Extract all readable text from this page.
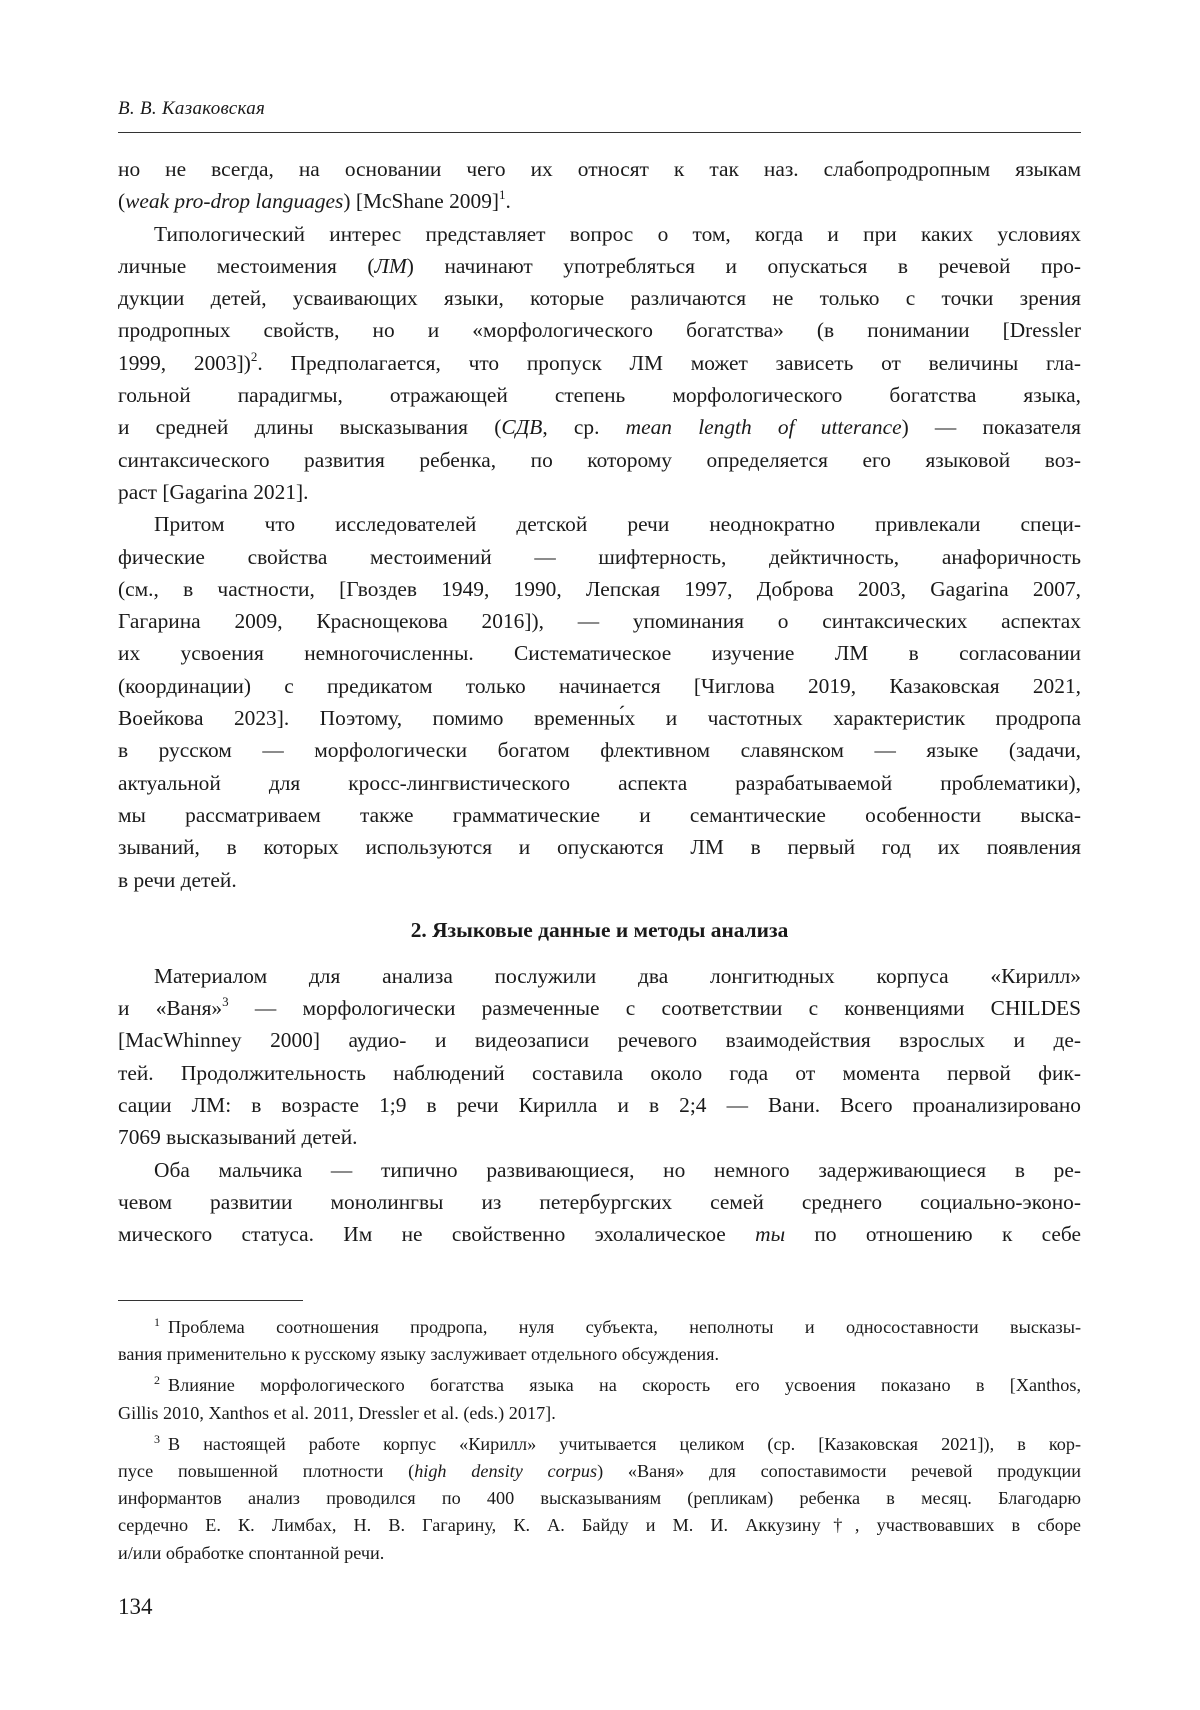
В. В. Казаковская

но не всегда, на основании чего их относят к так наз. слабопродропным языкам
(weak pro-drop languages) [McShane 2009]$^1$.

Типологический интерес представляет вопрос о том, когда и при каких условиях
личные местоимения (ЛМ) начинают употребляться и опускаться в речевой про-
дукции детей, усваивающих языки, которые различаются не только с точки зрения
продропных свойств, но и «морфологического богатства» (в понимании [Dressler
1999, 2003])$^2$. Предполагается, что пропуск ЛМ может зависеть от величины гла-
гольной парадигмы, отражающей степень морфологического богатства языка,
и средней длины высказывания (СДВ, ср. mean length of utterance) — показателя
синтаксического развития ребенка, по которому определяется его языковой воз-
раст [Gagarina 2021].

Притом что исследователей детской речи неоднократно привлекали специ-
фические свойства местоимений — шифтерность, дейктичность, анафоричность
(см., в частности, [Гвоздев 1949, 1990, Лепская 1997, Доброва 2003, Gagarina 2007,
Гагарина 2009, Краснощекова 2016]), — упоминания о синтаксических аспектах
их усвоения немногочисленны. Систематическое изучение ЛМ в согласовании
(координации) с предикатом только начинается [Чиглова 2019, Казаковская 2021,
Воейкова 2023]. Поэтому, помимо временны́х и частотных характеристик продропа
в русском — морфологически богатом флективном славянском — языке (задачи,
актуальной для кросс-лингвистического аспекта разрабатываемой проблематики),
мы рассматриваем также грамматические и семантические особенности выска-
зываний, в которых используются и опускаются ЛМ в первый год их появления
в речи детей.

2. Языковые данные и методы анализа

Материалом для анализа послужили два лонгитюдных корпуса «Кирилл»
и «Ваня»$^3$ — морфологически размеченные с соответствии с конвенциями CHILDES
[MacWhinney 2000] аудио- и видеозаписи речевого взаимодействия взрослых и де-
тей. Продолжительность наблюдений составила около года от момента первой фик-
сации ЛМ: в возрасте 1;9 в речи Кирилла и в 2;4 — Вани. Всего проанализировано
7069 высказываний детей.

Оба мальчика — типично развивающиеся, но немного задерживающиеся в ре-
чевом развитии монолингвы из петербургских семей среднего социально-эконо-
мического статуса. Им не свойственно эхолалическое ты по отношению к себе

$^1$ Проблема соотношения продропа, нуля субъекта, неполноты и односоставности высказы-
вания применительно к русскому языку заслуживает отдельного обсуждения.

$^2$ Влияние морфологического богатства языка на скорость его усвоения показано в [Xanthos,
Gillis 2010, Xanthos et al. 2011, Dressler et al. (eds.) 2017].

$^3$ В настоящей работе корпус «Кирилл» учитывается целиком (ср. [Казаковская 2021]), в кор-
пусе повышенной плотности (high density corpus) «Ваня» для сопоставимости речевой продукции
информантов анализ проводился по 400 высказываниям (репликам) ребенка в месяц. Благодарю
сердечно Е. К. Лимбах, Н. В. Гагарину, К. А. Байду и М. И. Аккузину†, участвовавших в сборе
и/или обработке спонтанной речи.

134
